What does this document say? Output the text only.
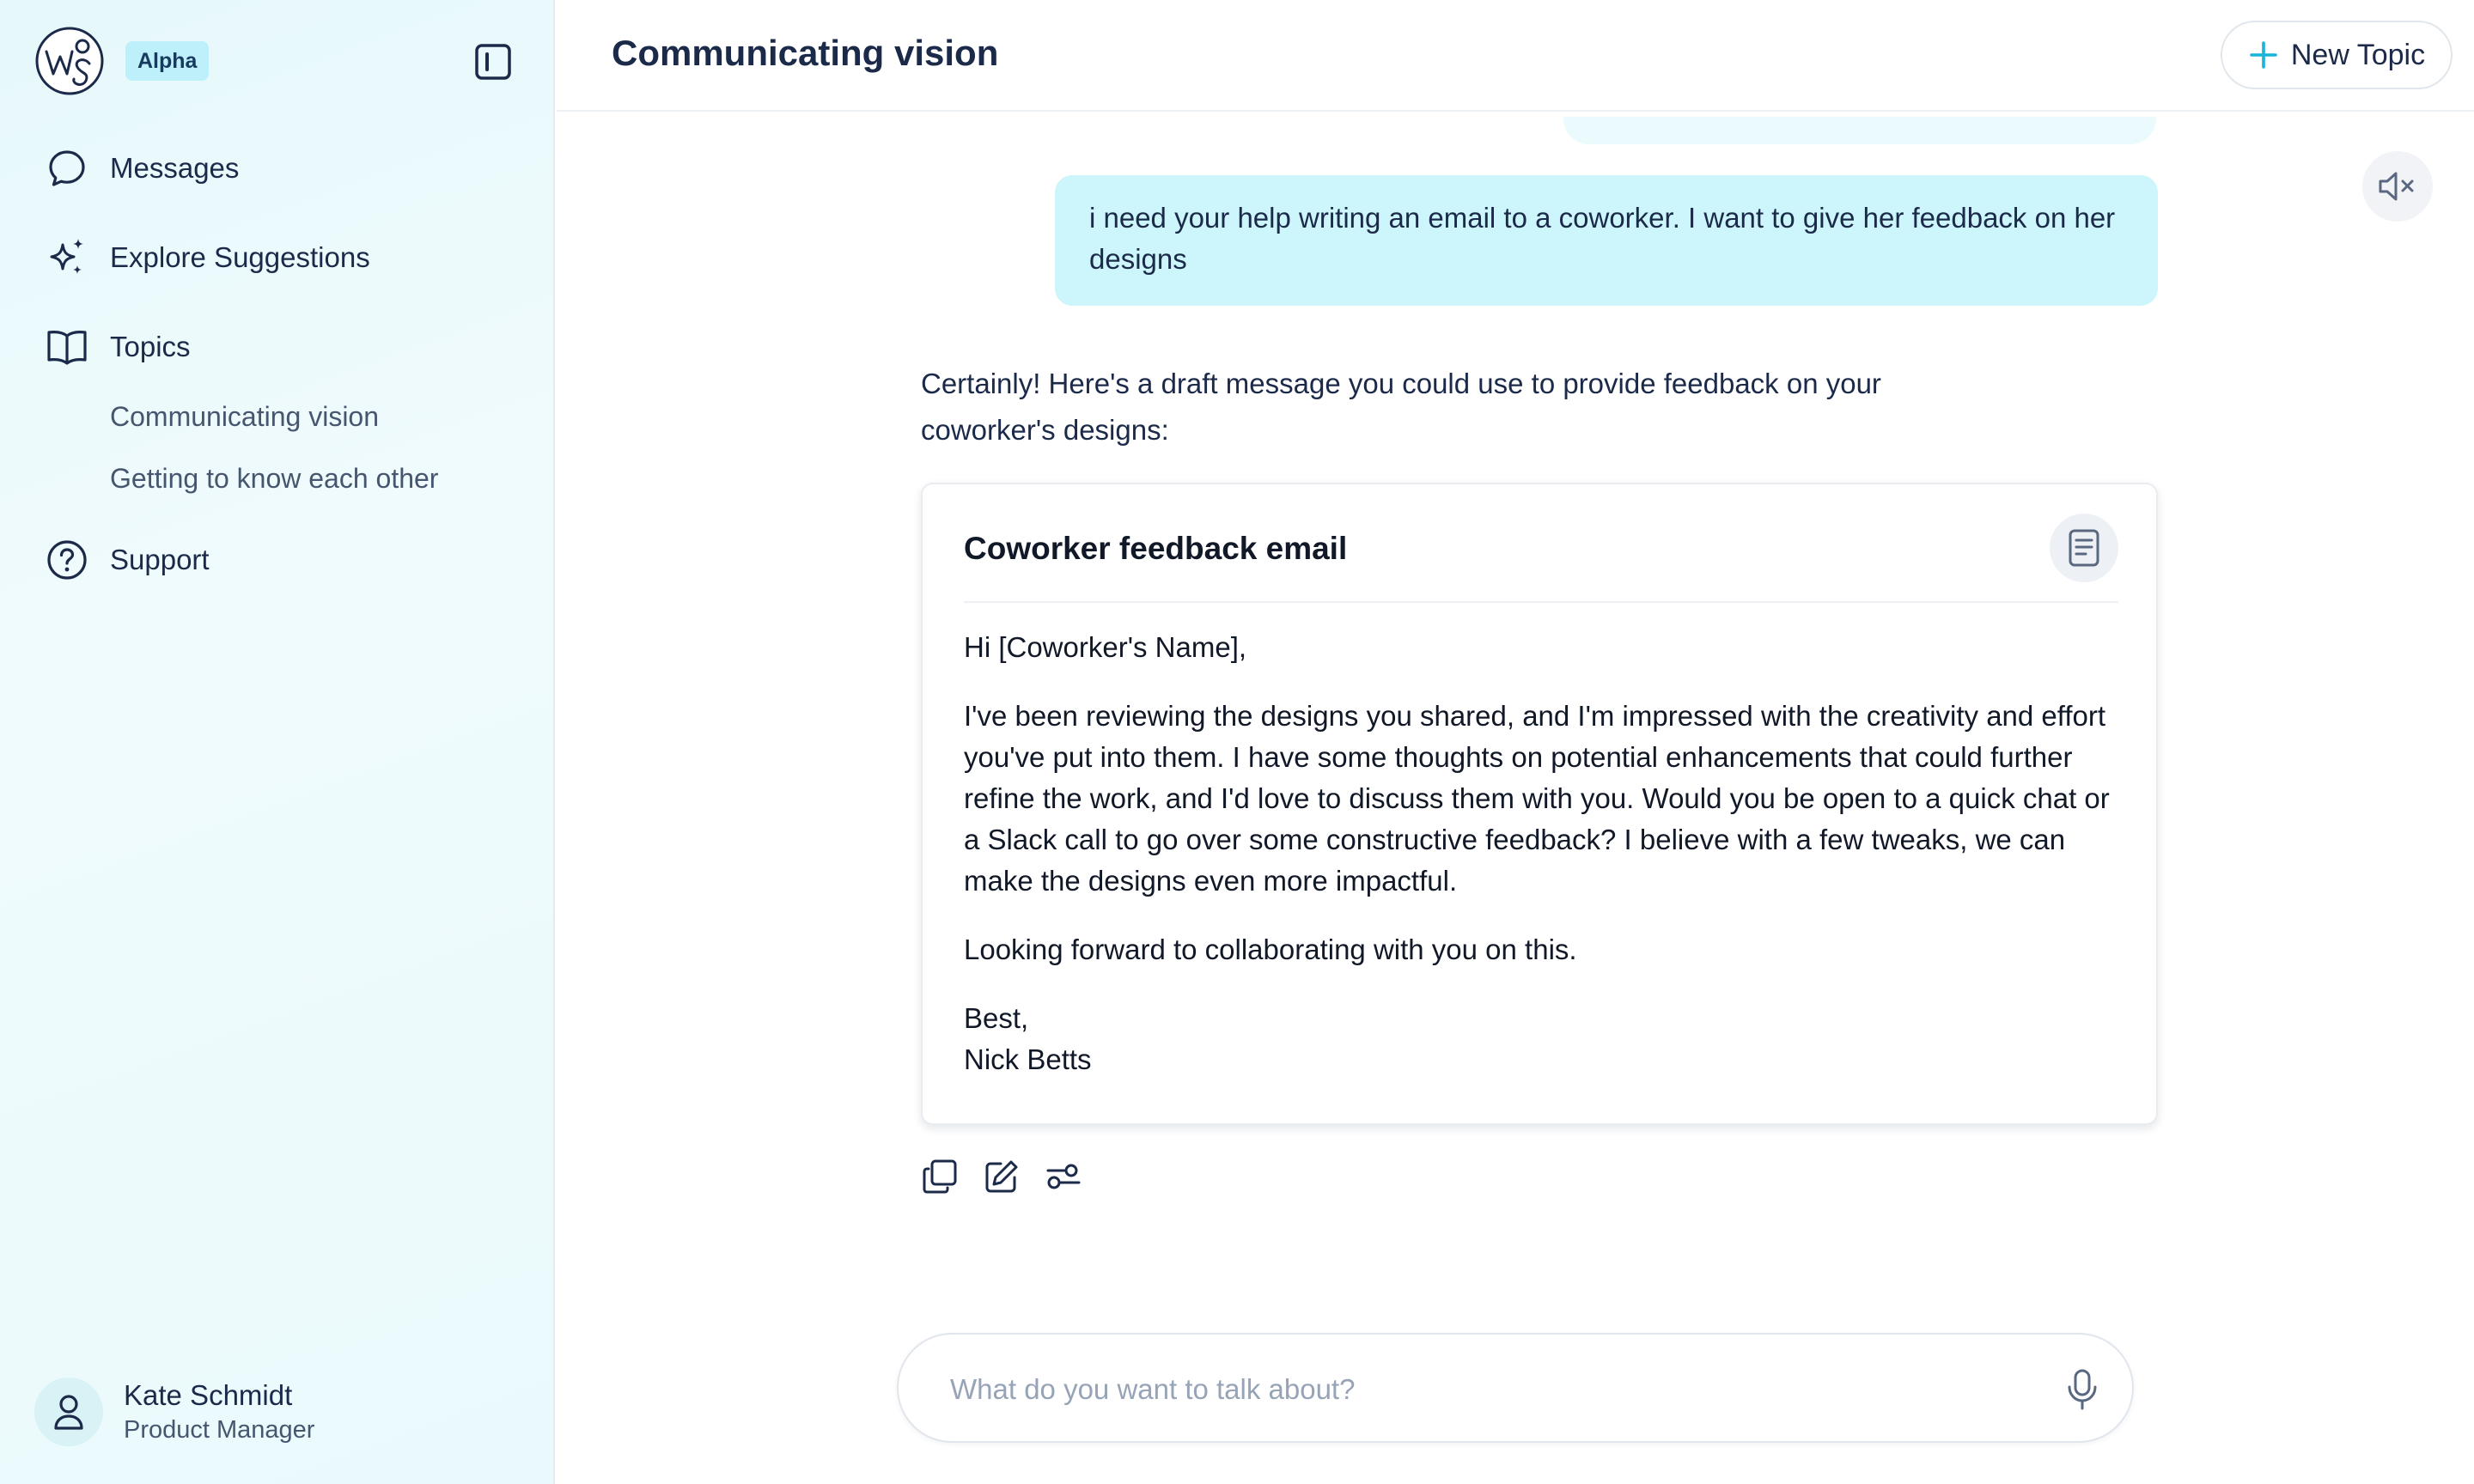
Alpha
Messages
Explore Suggestions
Topics
Communicating vision
Getting to know each other
Support
Kate Schmidt
Product Manager
Communicating vision	New Topic
i need your help writing an email to a coworker. I want to give her feedback on her designs
Certainly! Here's a draft message you could use to provide feedback on your coworker's designs:
Coworker feedback email

Hi [Coworker's Name],

I've been reviewing the designs you shared, and I'm impressed with the creativity and effort you've put into them. I have some thoughts on potential enhancements that could further refine the work, and I'd love to discuss them with you. Would you be open to a quick chat or a Slack call to go over some constructive feedback? I believe with a few tweaks, we can make the designs even more impactful.

Looking forward to collaborating with you on this.

Best,

Nick Betts

What do you want to talk about?
